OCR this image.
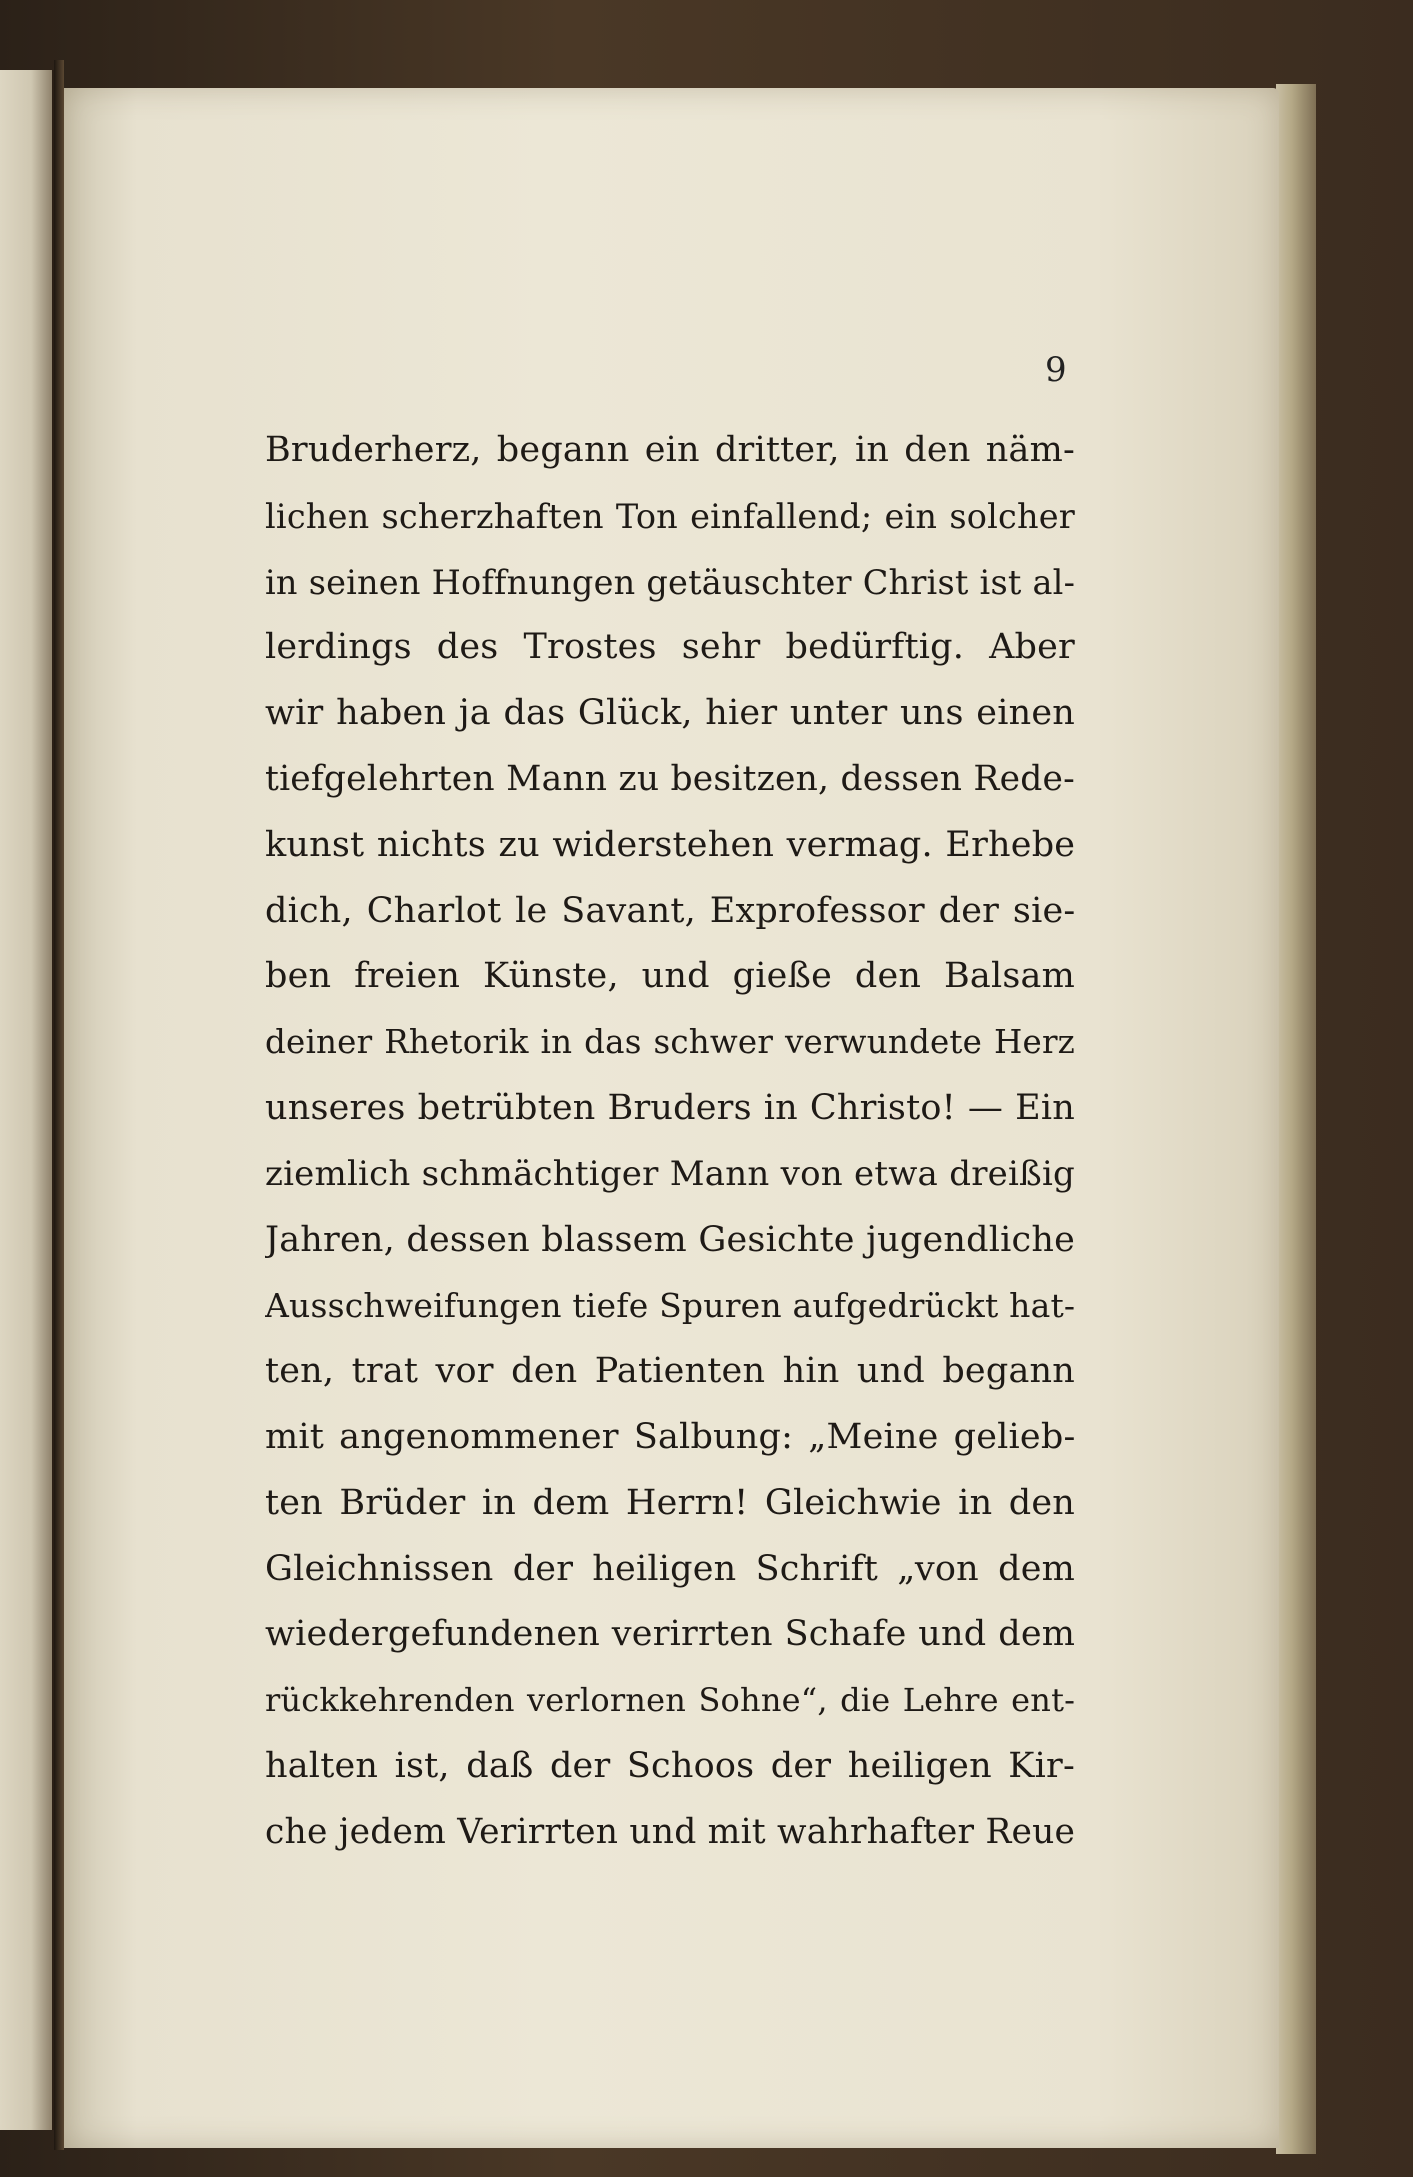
9
Bruderherz, begann ein dritter, in den näm-
lichen scherzhaften Ton einfallend; ein solcher
in seinen Hoffnungen getäuschter Christ ist al-
lerdings des Trostes sehr bedürftig. Aber
wir haben ja das Glück, hier unter uns einen
tiefgelehrten Mann zu besitzen, dessen Rede-
kunst nichts zu widerstehen vermag. Erhebe
dich, Charlot le Savant, Exprofessor der sie-
ben freien Künste, und gieße den Balsam
deiner Rhetorik in das schwer verwundete Herz
unseres betrübten Bruders in Christo! — Ein
ziemlich schmächtiger Mann von etwa dreißig
Jahren, dessen blassem Gesichte jugendliche
Ausschweifungen tiefe Spuren aufgedrückt hat-
ten, trat vor den Patienten hin und begann
mit angenommener Salbung: „Meine gelieb-
ten Brüder in dem Herrn! Gleichwie in den
Gleichnissen der heiligen Schrift „von dem
wiedergefundenen verirrten Schafe und dem
rückkehrenden verlornen Sohne“, die Lehre ent-
halten ist, daß der Schoos der heiligen Kir-
che jedem Verirrten und mit wahrhafter Reue
